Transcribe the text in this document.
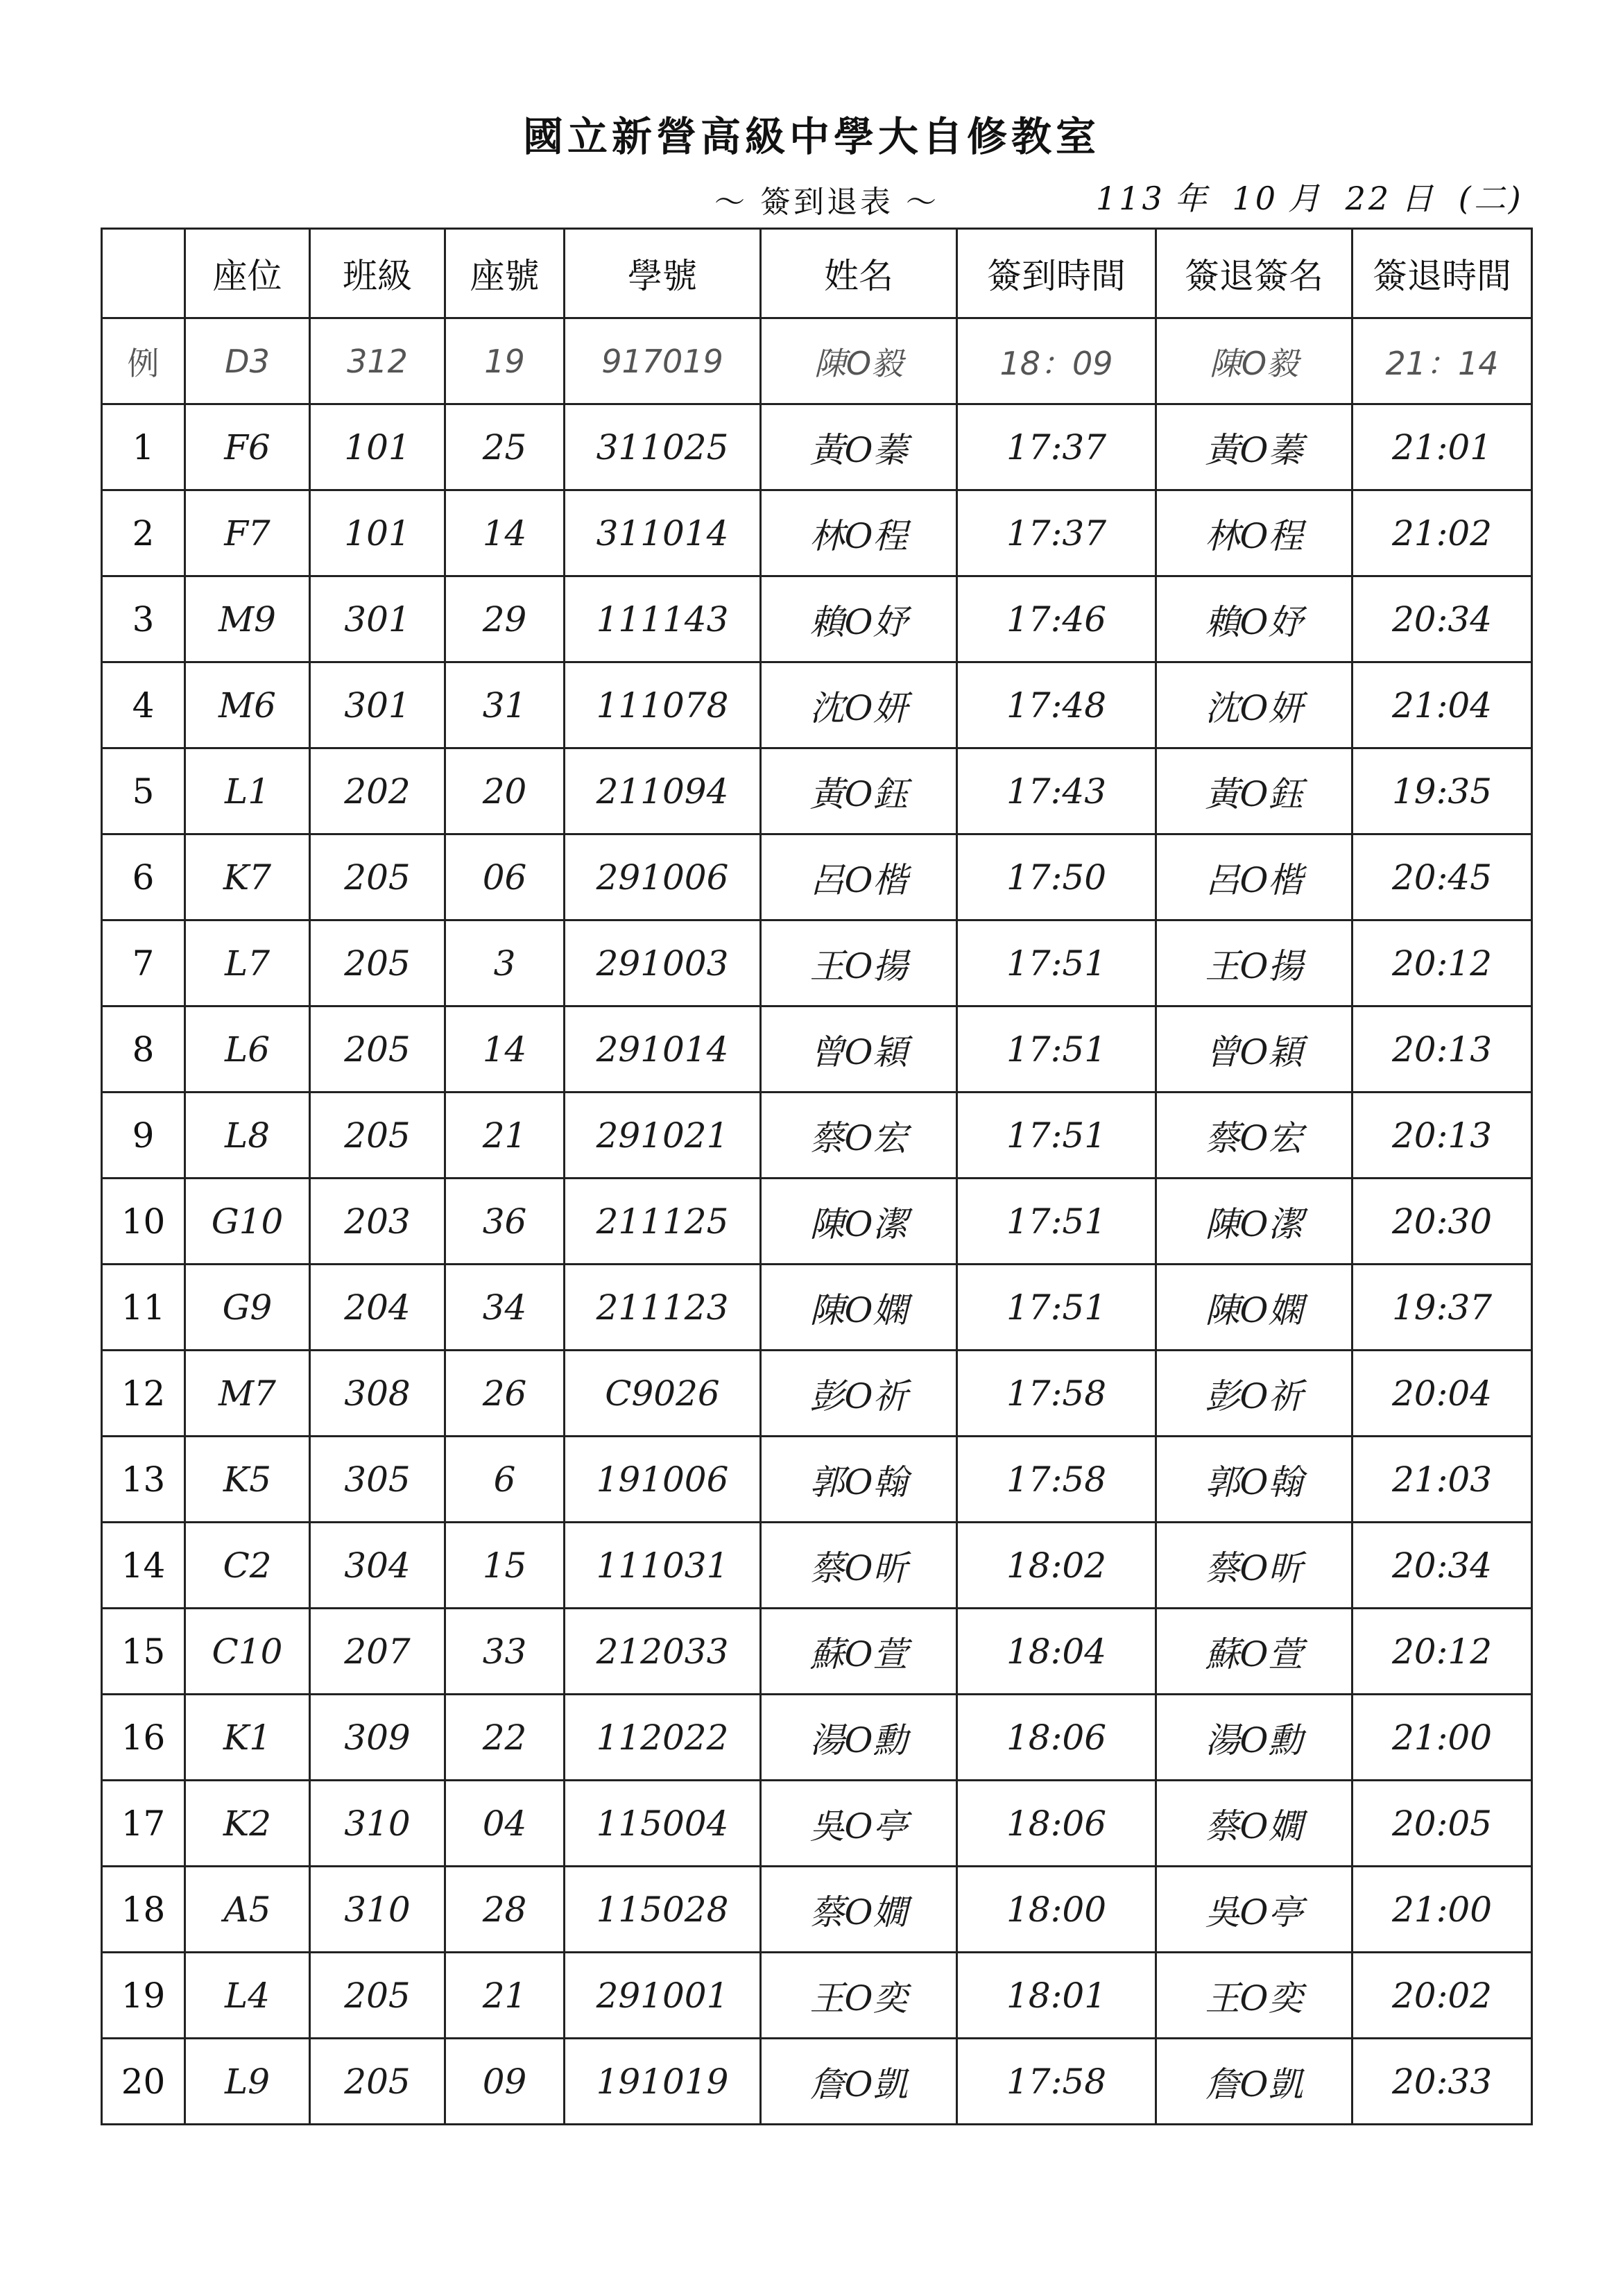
國立新營高級中學大自修教室
～ 簽到退表 ～	113 年 10 月 22 日 (二)
	座位	班級	座號	學號	姓名	簽到時間	簽退簽名	簽退時間
例	D3	312	19	917019	陳O毅	18：09	陳O毅	21：14
1	F6	101	25	311025	黃O蓁	17:37	黃O蓁	21:01
2	F7	101	14	311014	林O程	17:37	林O程	21:02
3	M9	301	29	111143	賴O妤	17:46	賴O妤	20:34
4	M6	301	31	111078	沈O妍	17:48	沈O妍	21:04
5	L1	202	20	211094	黃O鈺	17:43	黃O鈺	19:35
6	K7	205	06	291006	呂O楷	17:50	呂O楷	20:45
7	L7	205	3	291003	王O揚	17:51	王O揚	20:12
8	L6	205	14	291014	曾O穎	17:51	曾O穎	20:13
9	L8	205	21	291021	蔡O宏	17:51	蔡O宏	20:13
10	G10	203	36	211125	陳O潔	17:51	陳O潔	20:30
11	G9	204	34	211123	陳O嫻	17:51	陳O嫻	19:37
12	M7	308	26	C9026	彭O祈	17:58	彭O祈	20:04
13	K5	305	6	191006	郭O翰	17:58	郭O翰	21:03
14	C2	304	15	111031	蔡O昕	18:02	蔡O昕	20:34
15	C10	207	33	212033	蘇O萱	18:04	蘇O萱	20:12
16	K1	309	22	112022	湯O勳	18:06	湯O勳	21:00
17	K2	310	04	115004	吳O亭	18:06	蔡O嫺	20:05
18	A5	310	28	115028	蔡O嫺	18:00	吳O亭	21:00
19	L4	205	21	291001	王O奕	18:01	王O奕	20:02
20	L9	205	09	191019	詹O凱	17:58	詹O凱	20:33
